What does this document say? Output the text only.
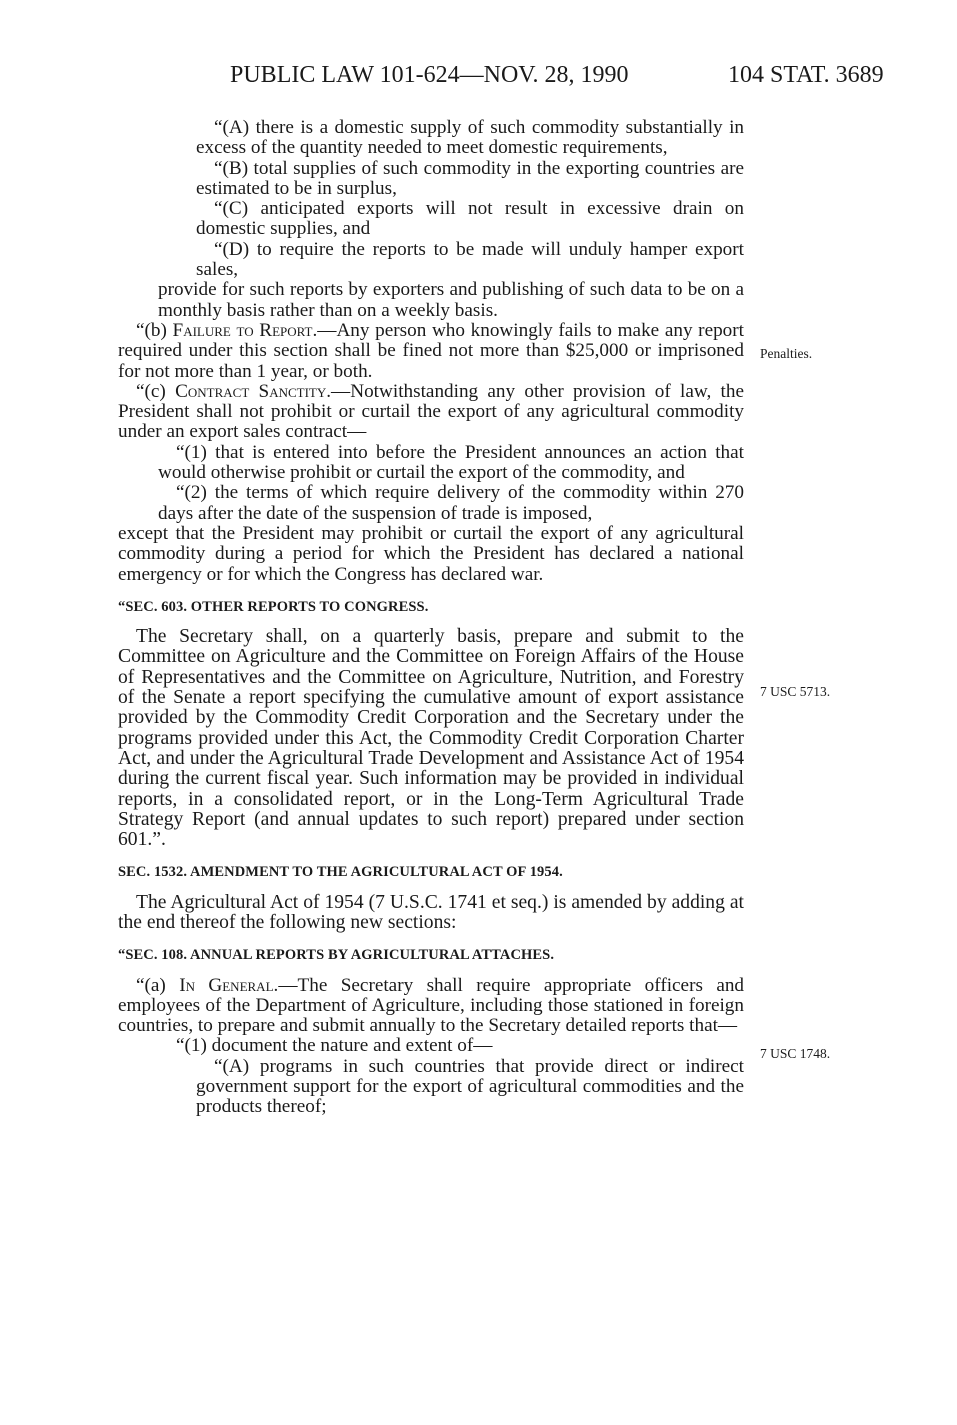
PUBLIC LAW 101-624—NOV. 28, 1990	104 STAT. 3689

“(A) there is a domestic supply of such commodity substantially in excess of the quantity needed to meet domestic requirements,

“(B) total supplies of such commodity in the exporting countries are estimated to be in surplus,

“(C) anticipated exports will not result in excessive drain on domestic supplies, and

“(D) to require the reports to be made will unduly hamper export sales,

provide for such reports by exporters and publishing of such data to be on a monthly basis rather than on a weekly basis.

“(b) Failure to Report.—Any person who knowingly fails to make any report required under this section shall be fined not more than $25,000 or imprisoned for not more than 1 year, or both.

“(c) Contract Sanctity.—Notwithstanding any other provision of law, the President shall not prohibit or curtail the export of any agricultural commodity under an export sales contract—

“(1) that is entered into before the President announces an action that would otherwise prohibit or curtail the export of the commodity, and

“(2) the terms of which require delivery of the commodity within 270 days after the date of the suspension of trade is imposed,

except that the President may prohibit or curtail the export of any agricultural commodity during a period for which the President has declared a national emergency or for which the Congress has declared war.

“SEC. 603. OTHER REPORTS TO CONGRESS.

The Secretary shall, on a quarterly basis, prepare and submit to the Committee on Agriculture and the Committee on Foreign Affairs of the House of Representatives and the Committee on Agriculture, Nutrition, and Forestry of the Senate a report specifying the cumulative amount of export assistance provided by the Commodity Credit Corporation and the Secretary under the programs provided under this Act, the Commodity Credit Corporation Charter Act, and under the Agricultural Trade Development and Assistance Act of 1954 during the current fiscal year. Such information may be provided in individual reports, in a consolidated report, or in the Long-Term Agricultural Trade Strategy Report (and annual updates to such report) prepared under section 601.”.

SEC. 1532. AMENDMENT TO THE AGRICULTURAL ACT OF 1954.

The Agricultural Act of 1954 (7 U.S.C. 1741 et seq.) is amended by adding at the end thereof the following new sections:

“SEC. 108. ANNUAL REPORTS BY AGRICULTURAL ATTACHES.

“(a) In General.—The Secretary shall require appropriate officers and employees of the Department of Agriculture, including those stationed in foreign countries, to prepare and submit annually to the Secretary detailed reports that—

“(1) document the nature and extent of—

“(A) programs in such countries that provide direct or indirect government support for the export of agricultural commodities and the products thereof;

Penalties.
7 USC 5713.
7 USC 1748.
